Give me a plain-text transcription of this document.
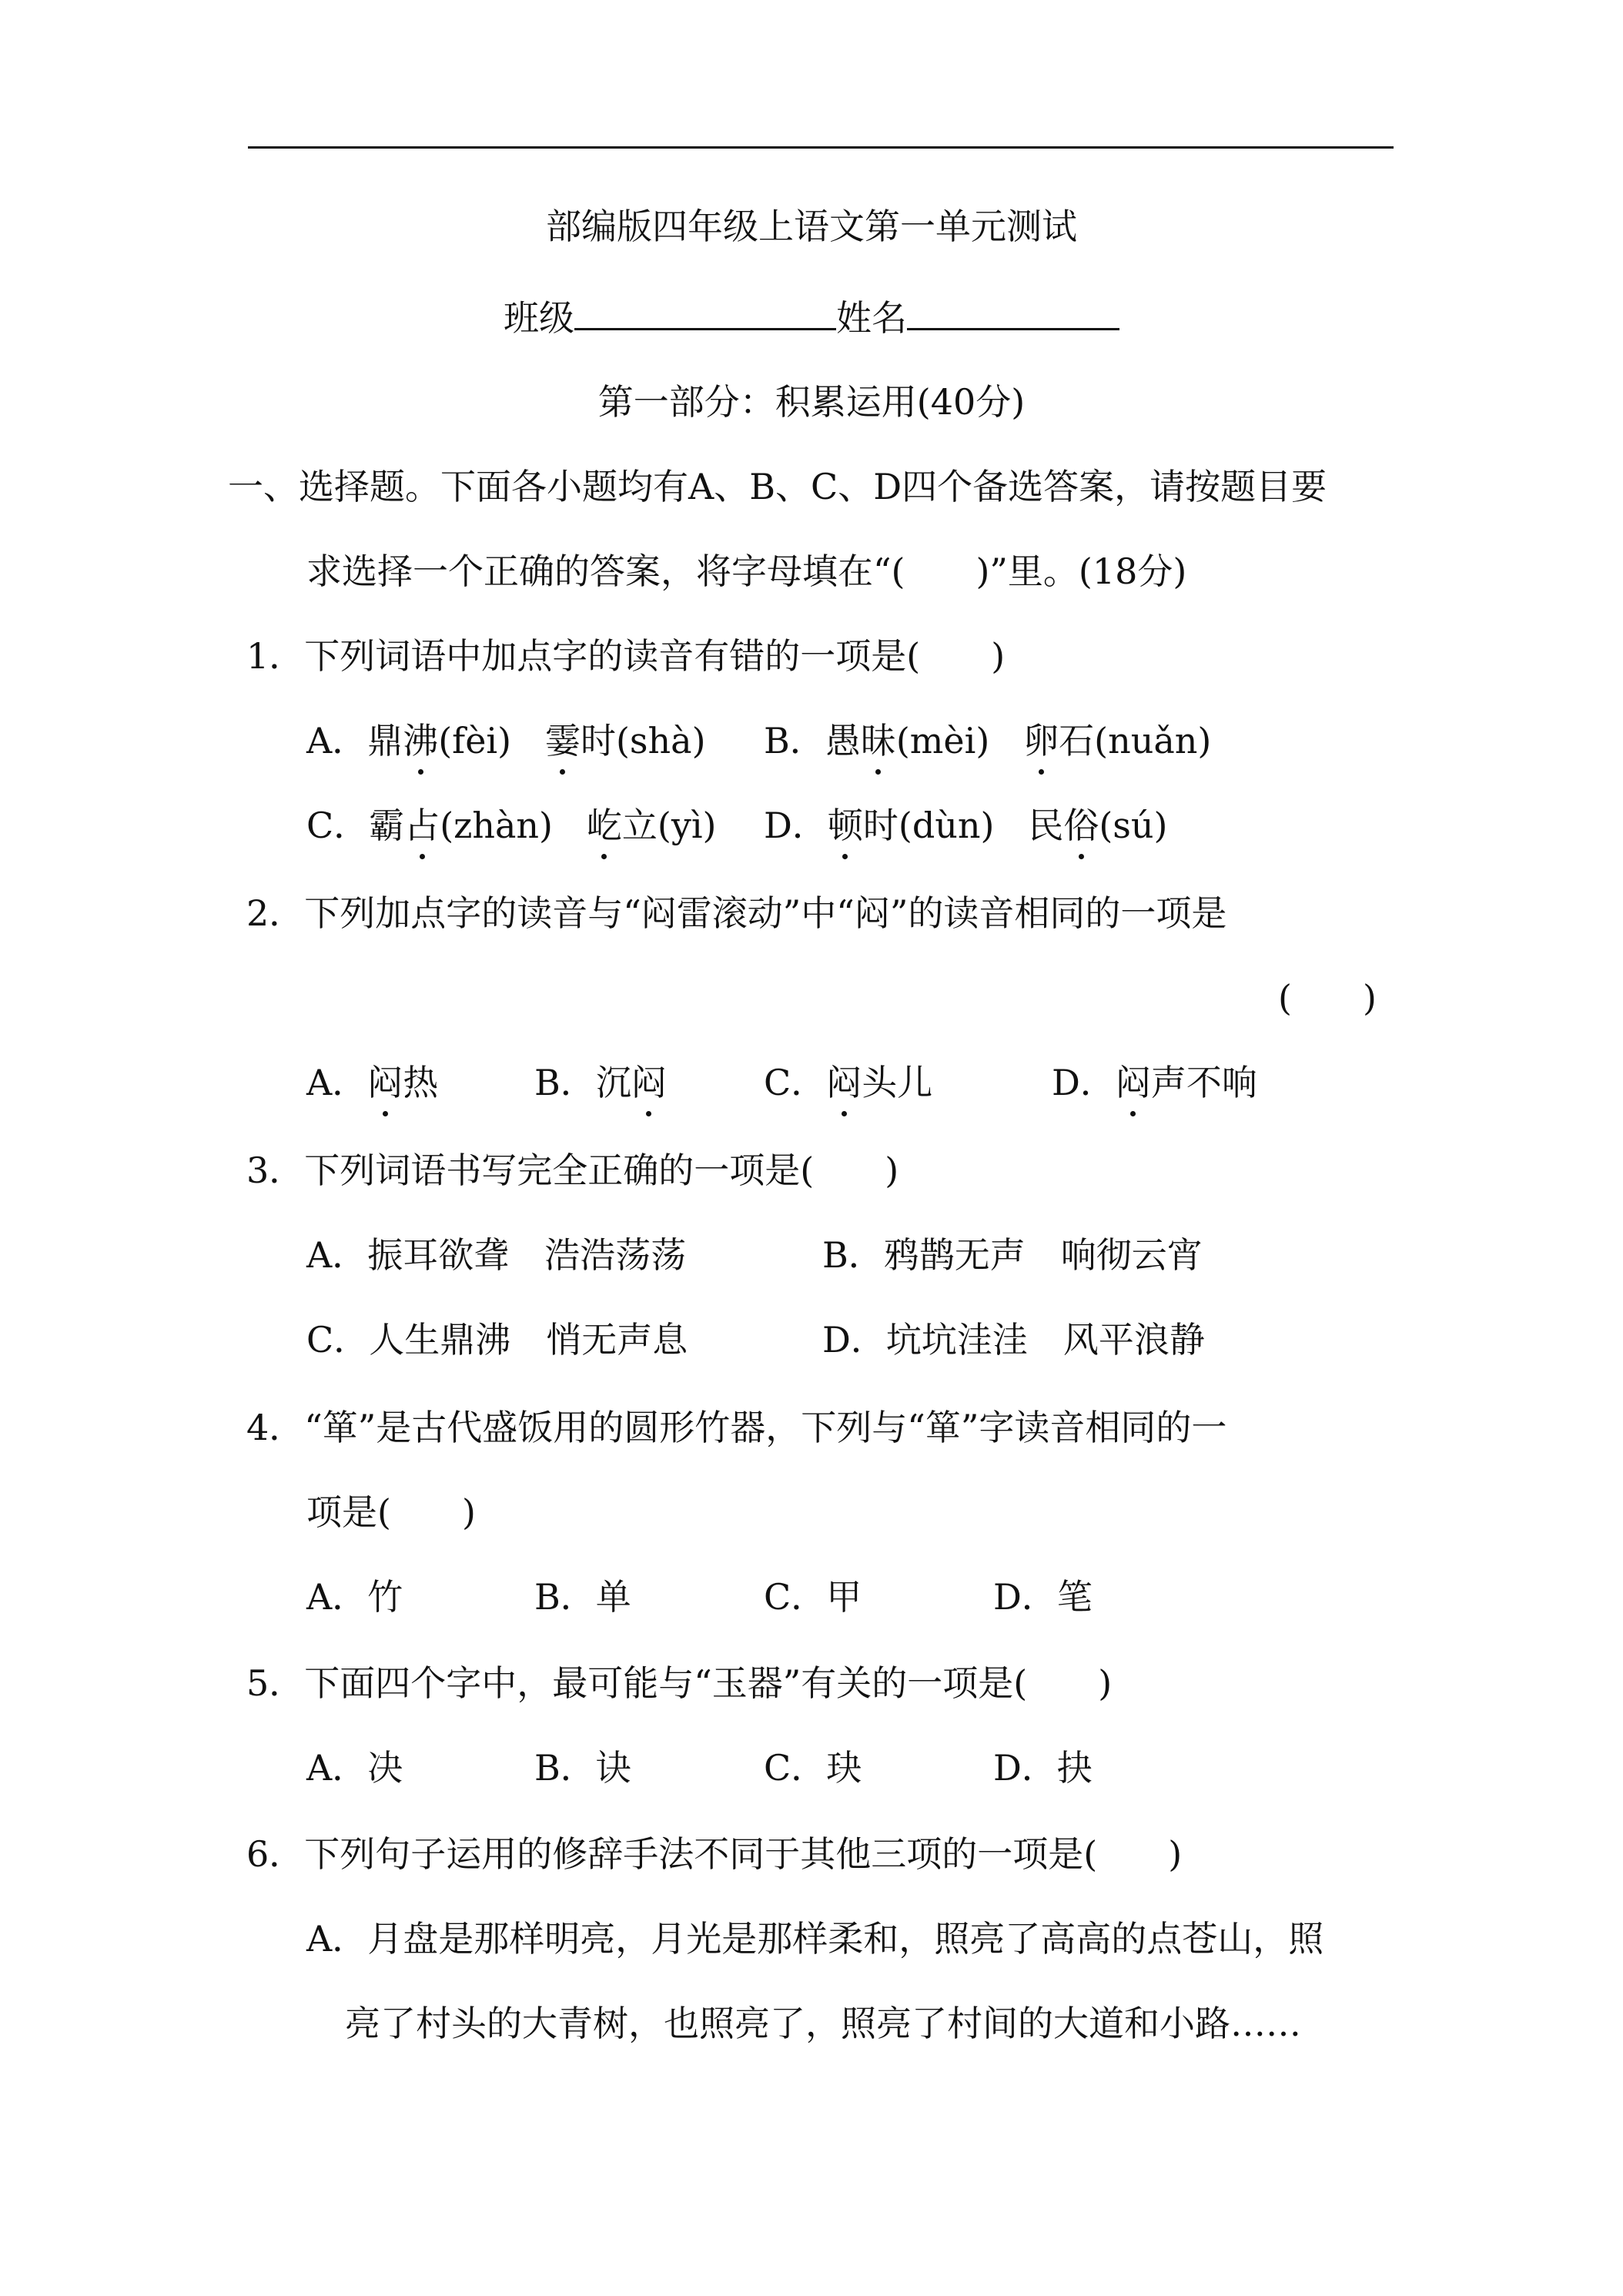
部编版四年级上语文第一单元测试
班级	姓名
第一部分：积累运用(40分)
一、选择题。下面各小题均有A、B、C、D四个备选答案，请按题目要
求选择一个正确的答案，将字母填在“(　　)”里。(18分)
1．下列词语中加点字的读音有错的一项是(　　)
A．鼎沸(fèi) 霎时(shà) B．愚昧(mèi) 卵石(nuǎn)
C．霸占(zhàn) 屹立(yì) D．顿时(dùn) 民俗(sú)
2．下列加点字的读音与“闷雷滚动”中“闷”的读音相同的一项是
(　　)
A．闷热	B．沉闷	C．闷头儿	D．闷声不响
3．下列词语书写完全正确的一项是(　　)
A．振耳欲聋　浩浩荡荡	B．鸦鹊无声　响彻云宵
C．人生鼎沸　悄无声息	D．坑坑洼洼　风平浪静
4．“箪”是古代盛饭用的圆形竹器，下列与“箪”字读音相同的一
项是(　　)
A．竹	B．单	C．甲	D．笔
5．下面四个字中，最可能与“玉器”有关的一项是(　　)
A．决	B．诀	C．玦	D．抉
6．下列句子运用的修辞手法不同于其他三项的一项是(　　)
A．月盘是那样明亮，月光是那样柔和，照亮了高高的点苍山，照
亮了村头的大青树，也照亮了，照亮了村间的大道和小路……
